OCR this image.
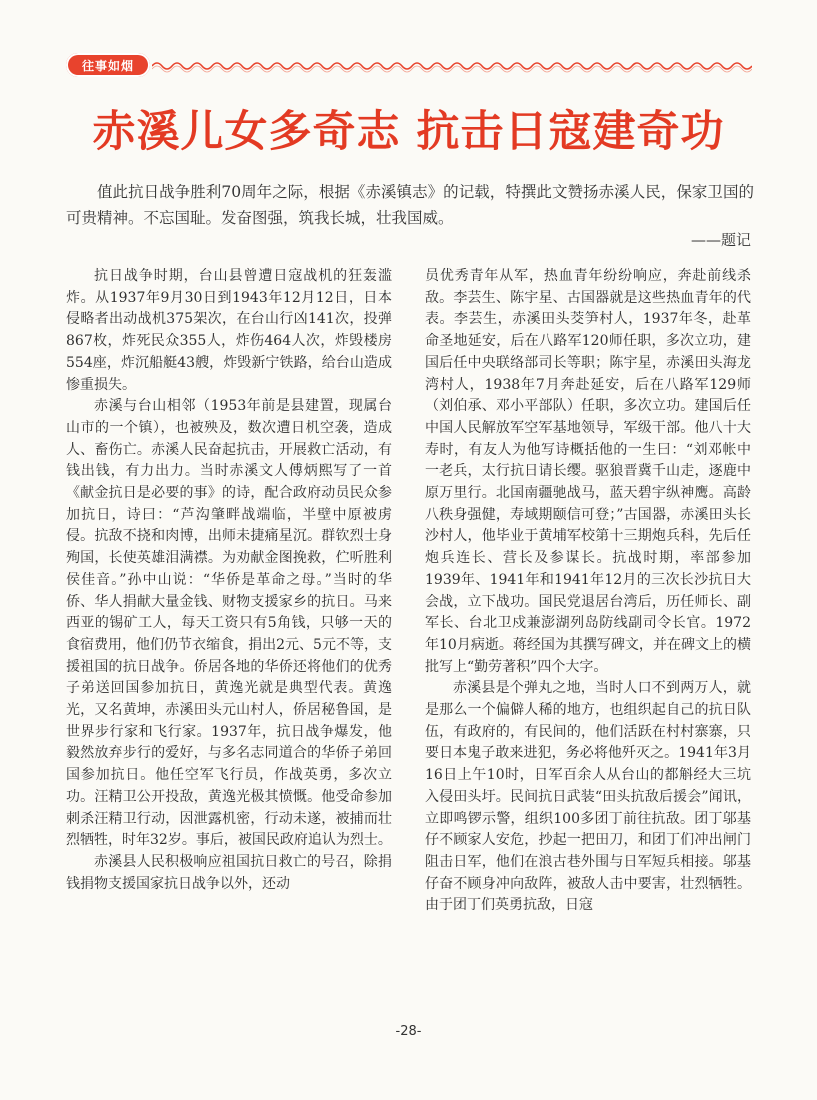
往事如烟
赤溪儿女多奇志 抗击日寇建奇功
值此抗日战争胜利70周年之际，根据《赤溪镇志》的记载，特撰此文赞扬赤溪人民，保家卫国的可贵精神。不忘国耻。发奋图强，筑我长城，壮我国威。
——题记

抗日战争时期，台山县曾遭日寇战机的狂轰滥炸。从1937年9月30日到1943年12月12日，日本侵略者出动战机375架次，在台山行凶141次，投弹867枚，炸死民众355人，炸伤464人次，炸毁楼房554座，炸沉船艇43艘，炸毁新宁铁路，给台山造成惨重损失。

赤溪与台山相邻（1953年前是县建置，现属台山市的一个镇），也被殃及，数次遭日机空袭，造成人、畜伤亡。赤溪人民奋起抗击，开展救亡活动，有钱出钱，有力出力。当时赤溪文人傅炳熙写了一首《献金抗日是必要的事》的诗，配合政府动员民众参加抗日，诗曰：“芦沟肇畔战端临，半壁中原被虏侵。抗敌不挠和肉博，出师未捷痛星沉。群钦烈士身殉国，长使英雄泪满襟。为劝献金图挽救，伫听胜利侯佳音。”孙中山说：“华侨是革命之母。”当时的华侨、华人捐献大量金钱、财物支援家乡的抗日。马来西亚的锡矿工人，每天工资只有5角钱，只够一天的食宿费用，他们仍节衣缩食，捐出2元、5元不等，支援祖国的抗日战争。侨居各地的华侨还将他们的优秀子弟送回国参加抗日，黄逸光就是典型代表。黄逸光，又名黄坤，赤溪田头元山村人，侨居秘鲁国，是世界步行家和飞行家。1937年，抗日战争爆发，他毅然放弃步行的爱好，与多名志同道合的华侨子弟回国参加抗日。他任空军飞行员，作战英勇，多次立功。汪精卫公开投敌，黄逸光极其愤慨。他受命参加刺杀汪精卫行动，因泄露机密，行动未遂，被捕而壮烈牺牲，时年32岁。事后，被国民政府追认为烈士。

赤溪县人民积极响应祖国抗日救亡的号召，除捐钱捐物支援国家抗日战争以外，还动

员优秀青年从军，热血青年纷纷响应，奔赴前线杀敌。李芸生、陈宇星、古国器就是这些热血青年的代表。李芸生，赤溪田头茭笋村人，1937年冬，赴革命圣地延安，后在八路军120师任职，多次立功，建国后任中央联络部司长等职；陈宇星，赤溪田头海龙湾村人，1938年7月奔赴延安，后在八路军129师（刘伯承、邓小平部队）任职，多次立功。建国后任中国人民解放军空军基地领导，军级干部。他八十大寿时，有友人为他写诗概括他的一生曰：“刘邓帐中一老兵，太行抗日请长缨。驱狼晋冀千山走，逐鹿中原万里行。北国南疆驰战马，蓝天碧宇纵神鹰。高龄八秩身强健，寿域期颐信可登；”古国器，赤溪田头长沙村人，他毕业于黄埔军校第十三期炮兵科，先后任炮兵连长、营长及参谋长。抗战时期，率部参加1939年、1941年和1941年12月的三次长沙抗日大会战，立下战功。国民党退居台湾后，历任师长、副军长、台北卫戍兼澎湖列岛防线副司令长官。1972年10月病逝。蒋经国为其撰写碑文，并在碑文上的横批写上“勤劳著积”四个大字。

赤溪县是个弹丸之地，当时人口不到两万人，就是那么一个偏僻人稀的地方，也组织起自己的抗日队伍，有政府的，有民间的，他们活跃在村村寨寨，只要日本鬼子敢来进犯，务必将他歼灭之。1941年3月16日上午10时，日军百余人从台山的都斛经大三坑入侵田头圩。民间抗日武装“田头抗敌后援会”闻讯，立即鸣锣示警，组织100多团丁前往抗敌。团丁邬基仔不顾家人安危，抄起一把田刀，和团丁们冲出闸门阻击日军，他们在浪古巷外围与日军短兵相接。邬基仔奋不顾身冲向敌阵，被敌人击中要害，壮烈牺牲。由于团丁们英勇抗敌，日寇

-28-
